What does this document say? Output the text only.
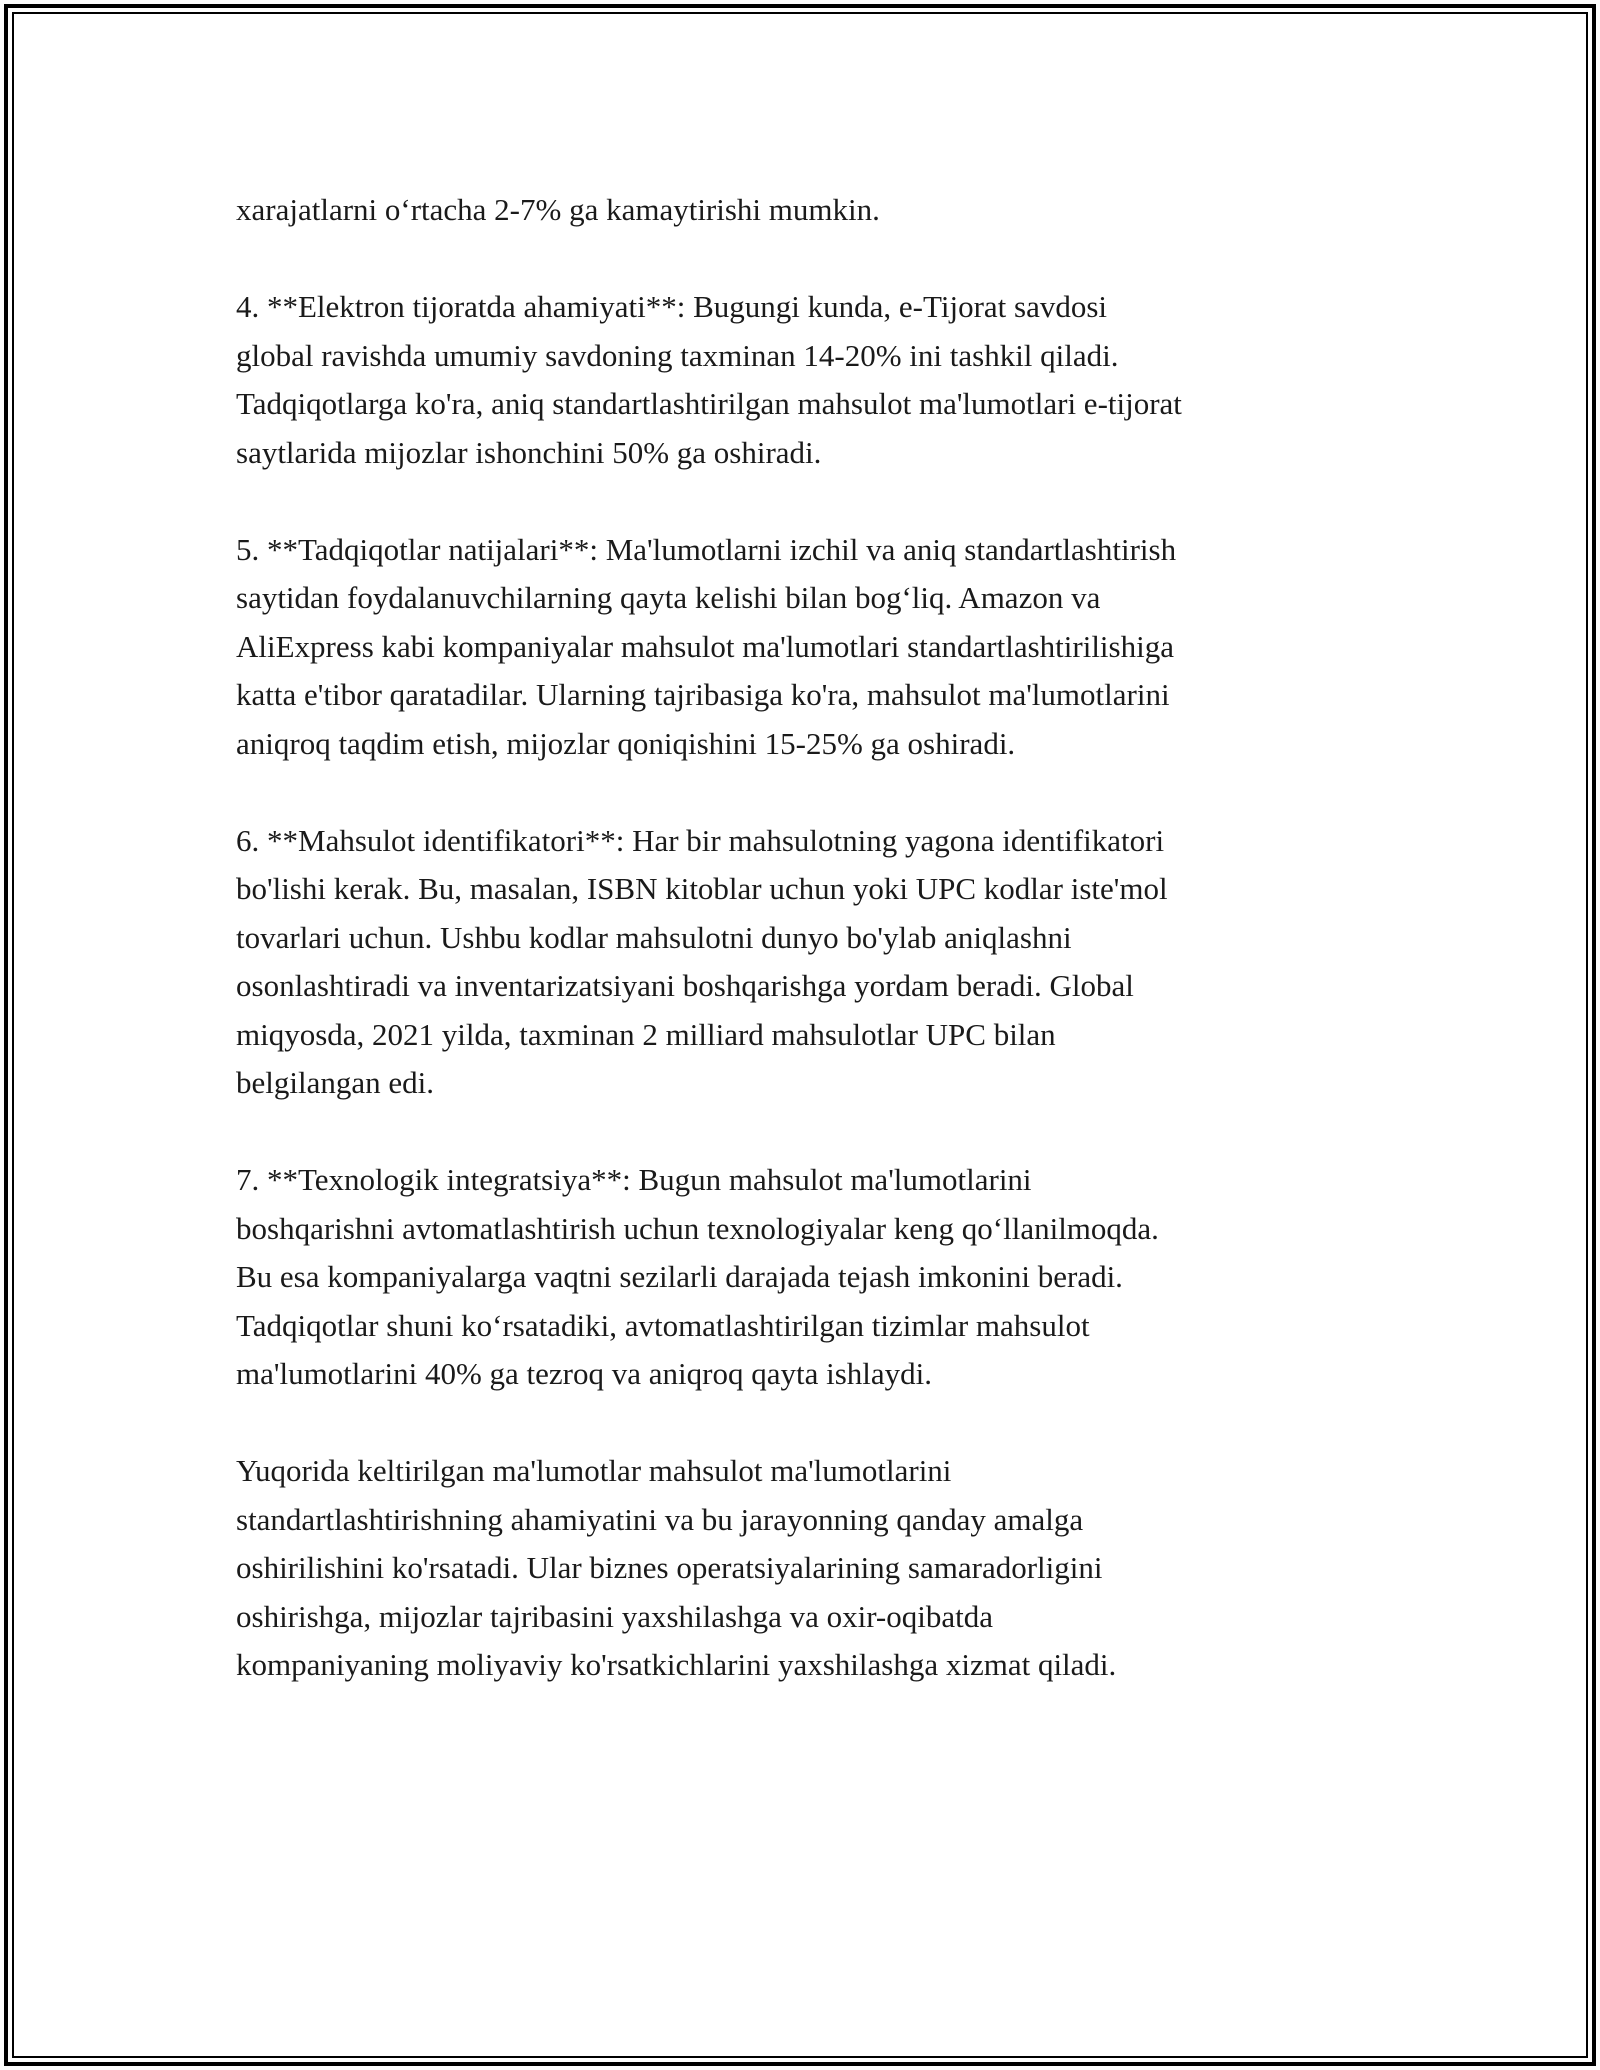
xarajatlarni o‘rtacha 2-7% ga kamaytirishi mumkin.

4. **Elektron tijoratda ahamiyati**: Bugungi kunda, e-Tijorat savdosi
global ravishda umumiy savdoning taxminan 14-20% ini tashkil qiladi.
Tadqiqotlarga ko'ra, aniq standartlashtirilgan mahsulot ma'lumotlari e-tijorat
saytlarida mijozlar ishonchini 50% ga oshiradi.

5. **Tadqiqotlar natijalari**: Ma'lumotlarni izchil va aniq standartlashtirish
saytidan foydalanuvchilarning qayta kelishi bilan bog‘liq. Amazon va
AliExpress kabi kompaniyalar mahsulot ma'lumotlari standartlashtirilishiga
katta e'tibor qaratadilar. Ularning tajribasiga ko'ra, mahsulot ma'lumotlarini
aniqroq taqdim etish, mijozlar qoniqishini 15-25% ga oshiradi.

6. **Mahsulot identifikatori**: Har bir mahsulotning yagona identifikatori
bo'lishi kerak. Bu, masalan, ISBN kitoblar uchun yoki UPC kodlar iste'mol
tovarlari uchun. Ushbu kodlar mahsulotni dunyo bo'ylab aniqlashni
osonlashtiradi va inventarizatsiyani boshqarishga yordam beradi. Global
miqyosda, 2021 yilda, taxminan 2 milliard mahsulotlar UPC bilan
belgilangan edi.

7. **Texnologik integratsiya**: Bugun mahsulot ma'lumotlarini
boshqarishni avtomatlashtirish uchun texnologiyalar keng qo‘llanilmoqda.
Bu esa kompaniyalarga vaqtni sezilarli darajada tejash imkonini beradi.
Tadqiqotlar shuni ko‘rsatadiki, avtomatlashtirilgan tizimlar mahsulot
ma'lumotlarini 40% ga tezroq va aniqroq qayta ishlaydi.

Yuqorida keltirilgan ma'lumotlar mahsulot ma'lumotlarini
standartlashtirishning ahamiyatini va bu jarayonning qanday amalga
oshirilishini ko'rsatadi. Ular biznes operatsiyalarining samaradorligini
oshirishga, mijozlar tajribasini yaxshilashga va oxir-oqibatda
kompaniyaning moliyaviy ko'rsatkichlarini yaxshilashga xizmat qiladi.
